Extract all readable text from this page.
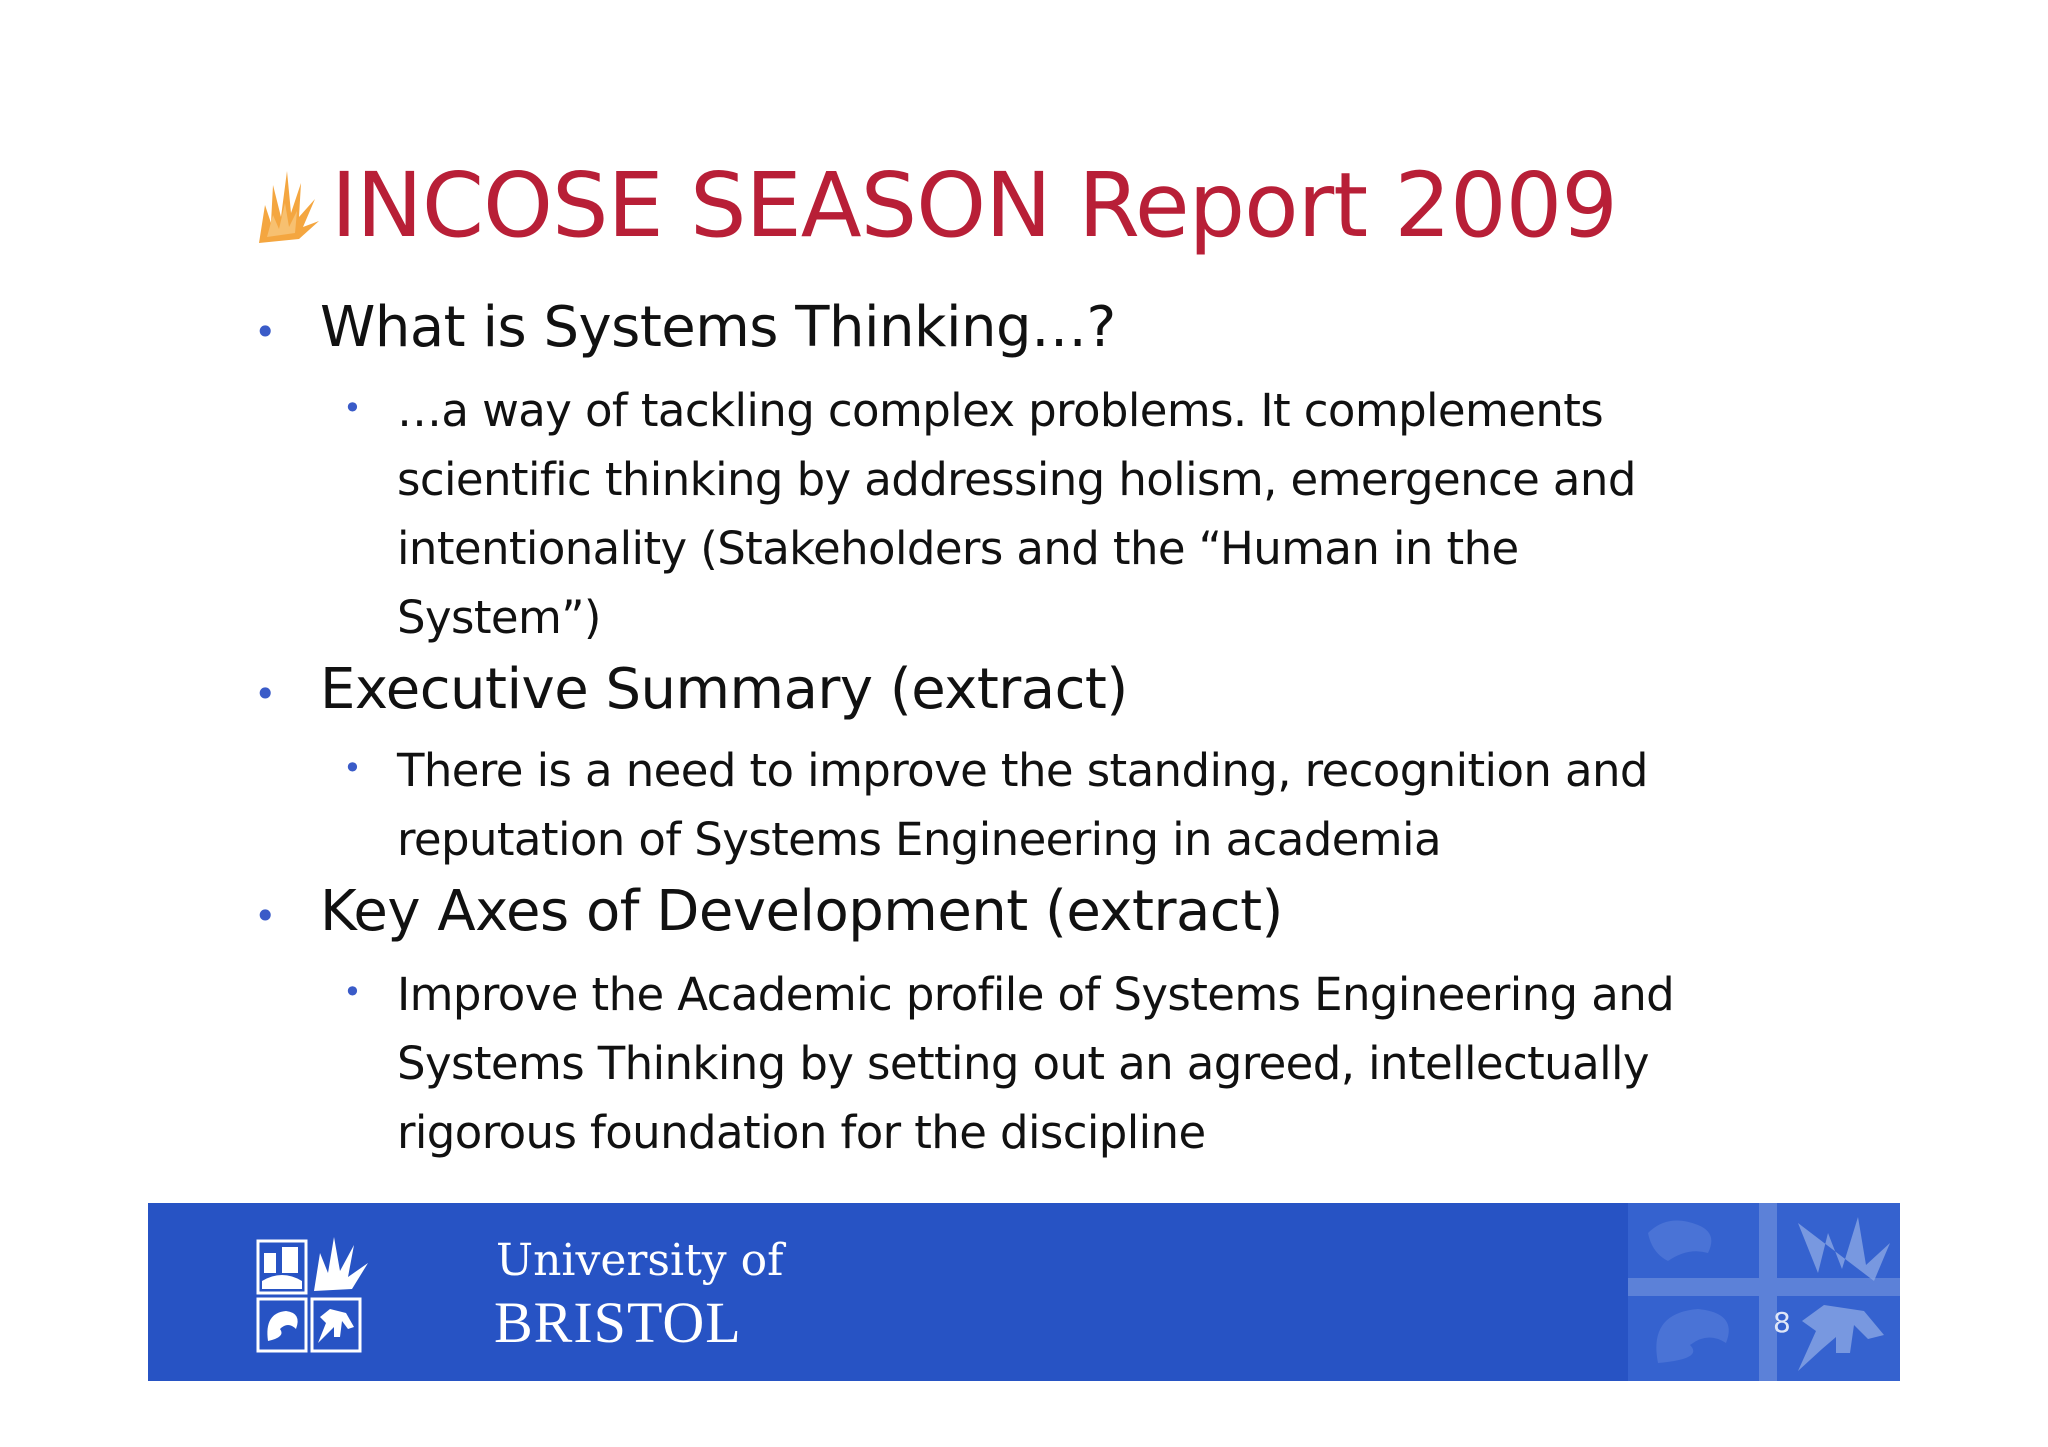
INCOSE SEASON Report 2009
• What is Systems Thinking…?
• …a way of tackling complex problems. It complements
scientific thinking by addressing holism, emergence and
intentionality (Stakeholders and the “Human in the
System”)
• Executive Summary (extract)
• There is a need to improve the standing, recognition and
reputation of Systems Engineering in academia
• Key Axes of Development (extract)
• Improve the Academic profile of Systems Engineering and
Systems Thinking by setting out an agreed, intellectually
rigorous foundation for the discipline
University of
BRISTOL	8
